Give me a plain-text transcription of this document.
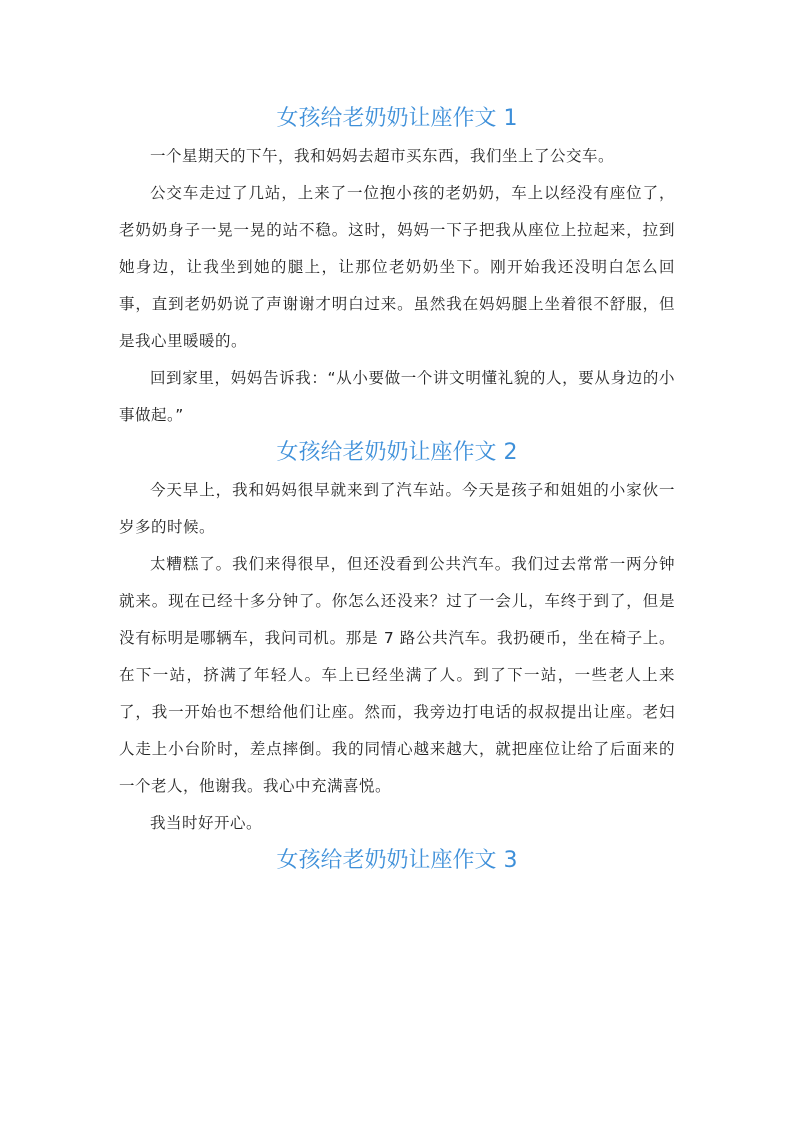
女孩给老奶奶让座作文 1

一个星期天的下午，我和妈妈去超市买东西，我们坐上了公交车。

公交车走过了几站，上来了一位抱小孩的老奶奶，车上以经没有座位了，老奶奶身子一晃一晃的站不稳。这时，妈妈一下子把我从座位上拉起来，拉到她身边，让我坐到她的腿上，让那位老奶奶坐下。刚开始我还没明白怎么回事，直到老奶奶说了声谢谢才明白过来。虽然我在妈妈腿上坐着很不舒服，但是我心里暖暖的。

回到家里，妈妈告诉我：“从小要做一个讲文明懂礼貌的人，要从身边的小事做起。”

女孩给老奶奶让座作文 2

今天早上，我和妈妈很早就来到了汽车站。今天是孩子和姐姐的小家伙一岁多的时候。

太糟糕了。我们来得很早，但还没看到公共汽车。我们过去常常一两分钟就来。现在已经十多分钟了。你怎么还没来？过了一会儿，车终于到了，但是没有标明是哪辆车，我问司机。那是 7 路公共汽车。我扔硬币，坐在椅子上。在下一站，挤满了年轻人。车上已经坐满了人。到了下一站，一些老人上来了，我一开始也不想给他们让座。然而，我旁边打电话的叔叔提出让座。老妇人走上小台阶时，差点摔倒。我的同情心越来越大，就把座位让给了后面来的一个老人，他谢我。我心中充满喜悦。

我当时好开心。

女孩给老奶奶让座作文 3
